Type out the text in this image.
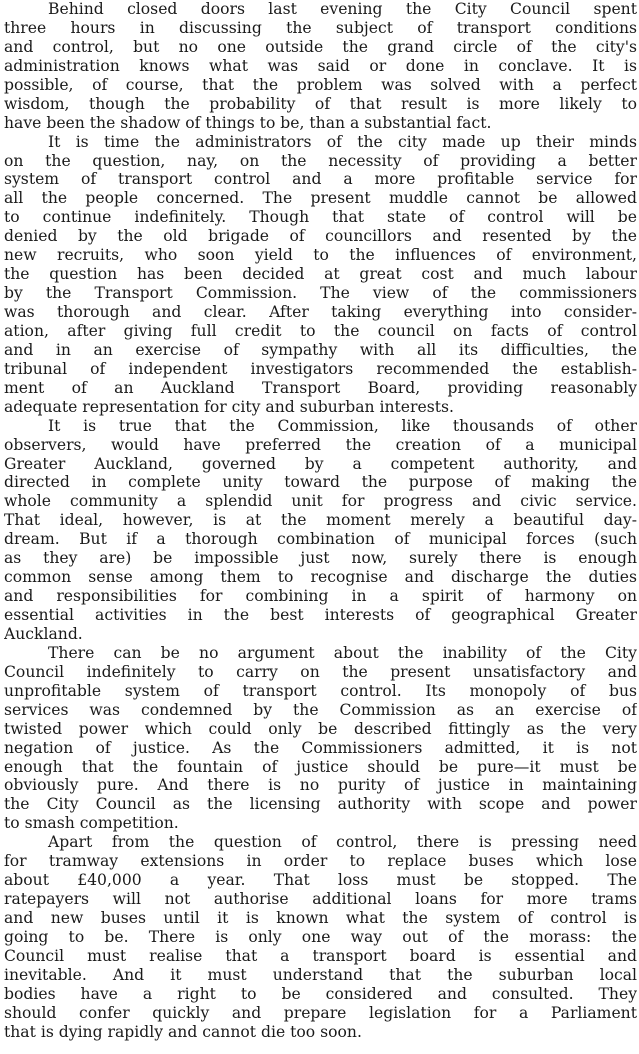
Behind closed doors last evening the City Council spent
three hours in discussing the subject of transport conditions
and control, but no one outside the grand circle of the city's
administration knows what was said or done in conclave. It is
possible, of course, that the problem was solved with a perfect
wisdom, though the probability of that result is more likely to
have been the shadow of things to be, than a substantial fact.
It is time the administrators of the city made up their minds
on the question, nay, on the necessity of providing a better
system of transport control and a more profitable service for
all the people concerned. The present muddle cannot be allowed
to continue indefinitely. Though that state of control will be
denied by the old brigade of councillors and resented by the
new recruits, who soon yield to the influences of environment,
the question has been decided at great cost and much labour
by the Transport Commission. The view of the commissioners
was thorough and clear. After taking everything into consider-
ation, after giving full credit to the council on facts of control
and in an exercise of sympathy with all its difficulties, the
tribunal of independent investigators recommended the establish-
ment of an Auckland Transport Board, providing reasonably
adequate representation for city and suburban interests.
It is true that the Commission, like thousands of other
observers, would have preferred the creation of a municipal
Greater Auckland, governed by a competent authority, and
directed in complete unity toward the purpose of making the
whole community a splendid unit for progress and civic service.
That ideal, however, is at the moment merely a beautiful day-
dream. But if a thorough combination of municipal forces (such
as they are) be impossible just now, surely there is enough
common sense among them to recognise and discharge the duties
and responsibilities for combining in a spirit of harmony on
essential activities in the best interests of geographical Greater
Auckland.
There can be no argument about the inability of the City
Council indefinitely to carry on the present unsatisfactory and
unprofitable system of transport control. Its monopoly of bus
services was condemned by the Commission as an exercise of
twisted power which could only be described fittingly as the very
negation of justice. As the Commissioners admitted, it is not
enough that the fountain of justice should be pure—it must be
obviously pure. And there is no purity of justice in maintaining
the City Council as the licensing authority with scope and power
to smash competition.
Apart from the question of control, there is pressing need
for tramway extensions in order to replace buses which lose
about £40,000 a year. That loss must be stopped. The
ratepayers will not authorise additional loans for more trams
and new buses until it is known what the system of control is
going to be. There is only one way out of the morass: the
Council must realise that a transport board is essential and
inevitable. And it must understand that the suburban local
bodies have a right to be considered and consulted. They
should confer quickly and prepare legislation for a Parliament
that is dying rapidly and cannot die too soon.
